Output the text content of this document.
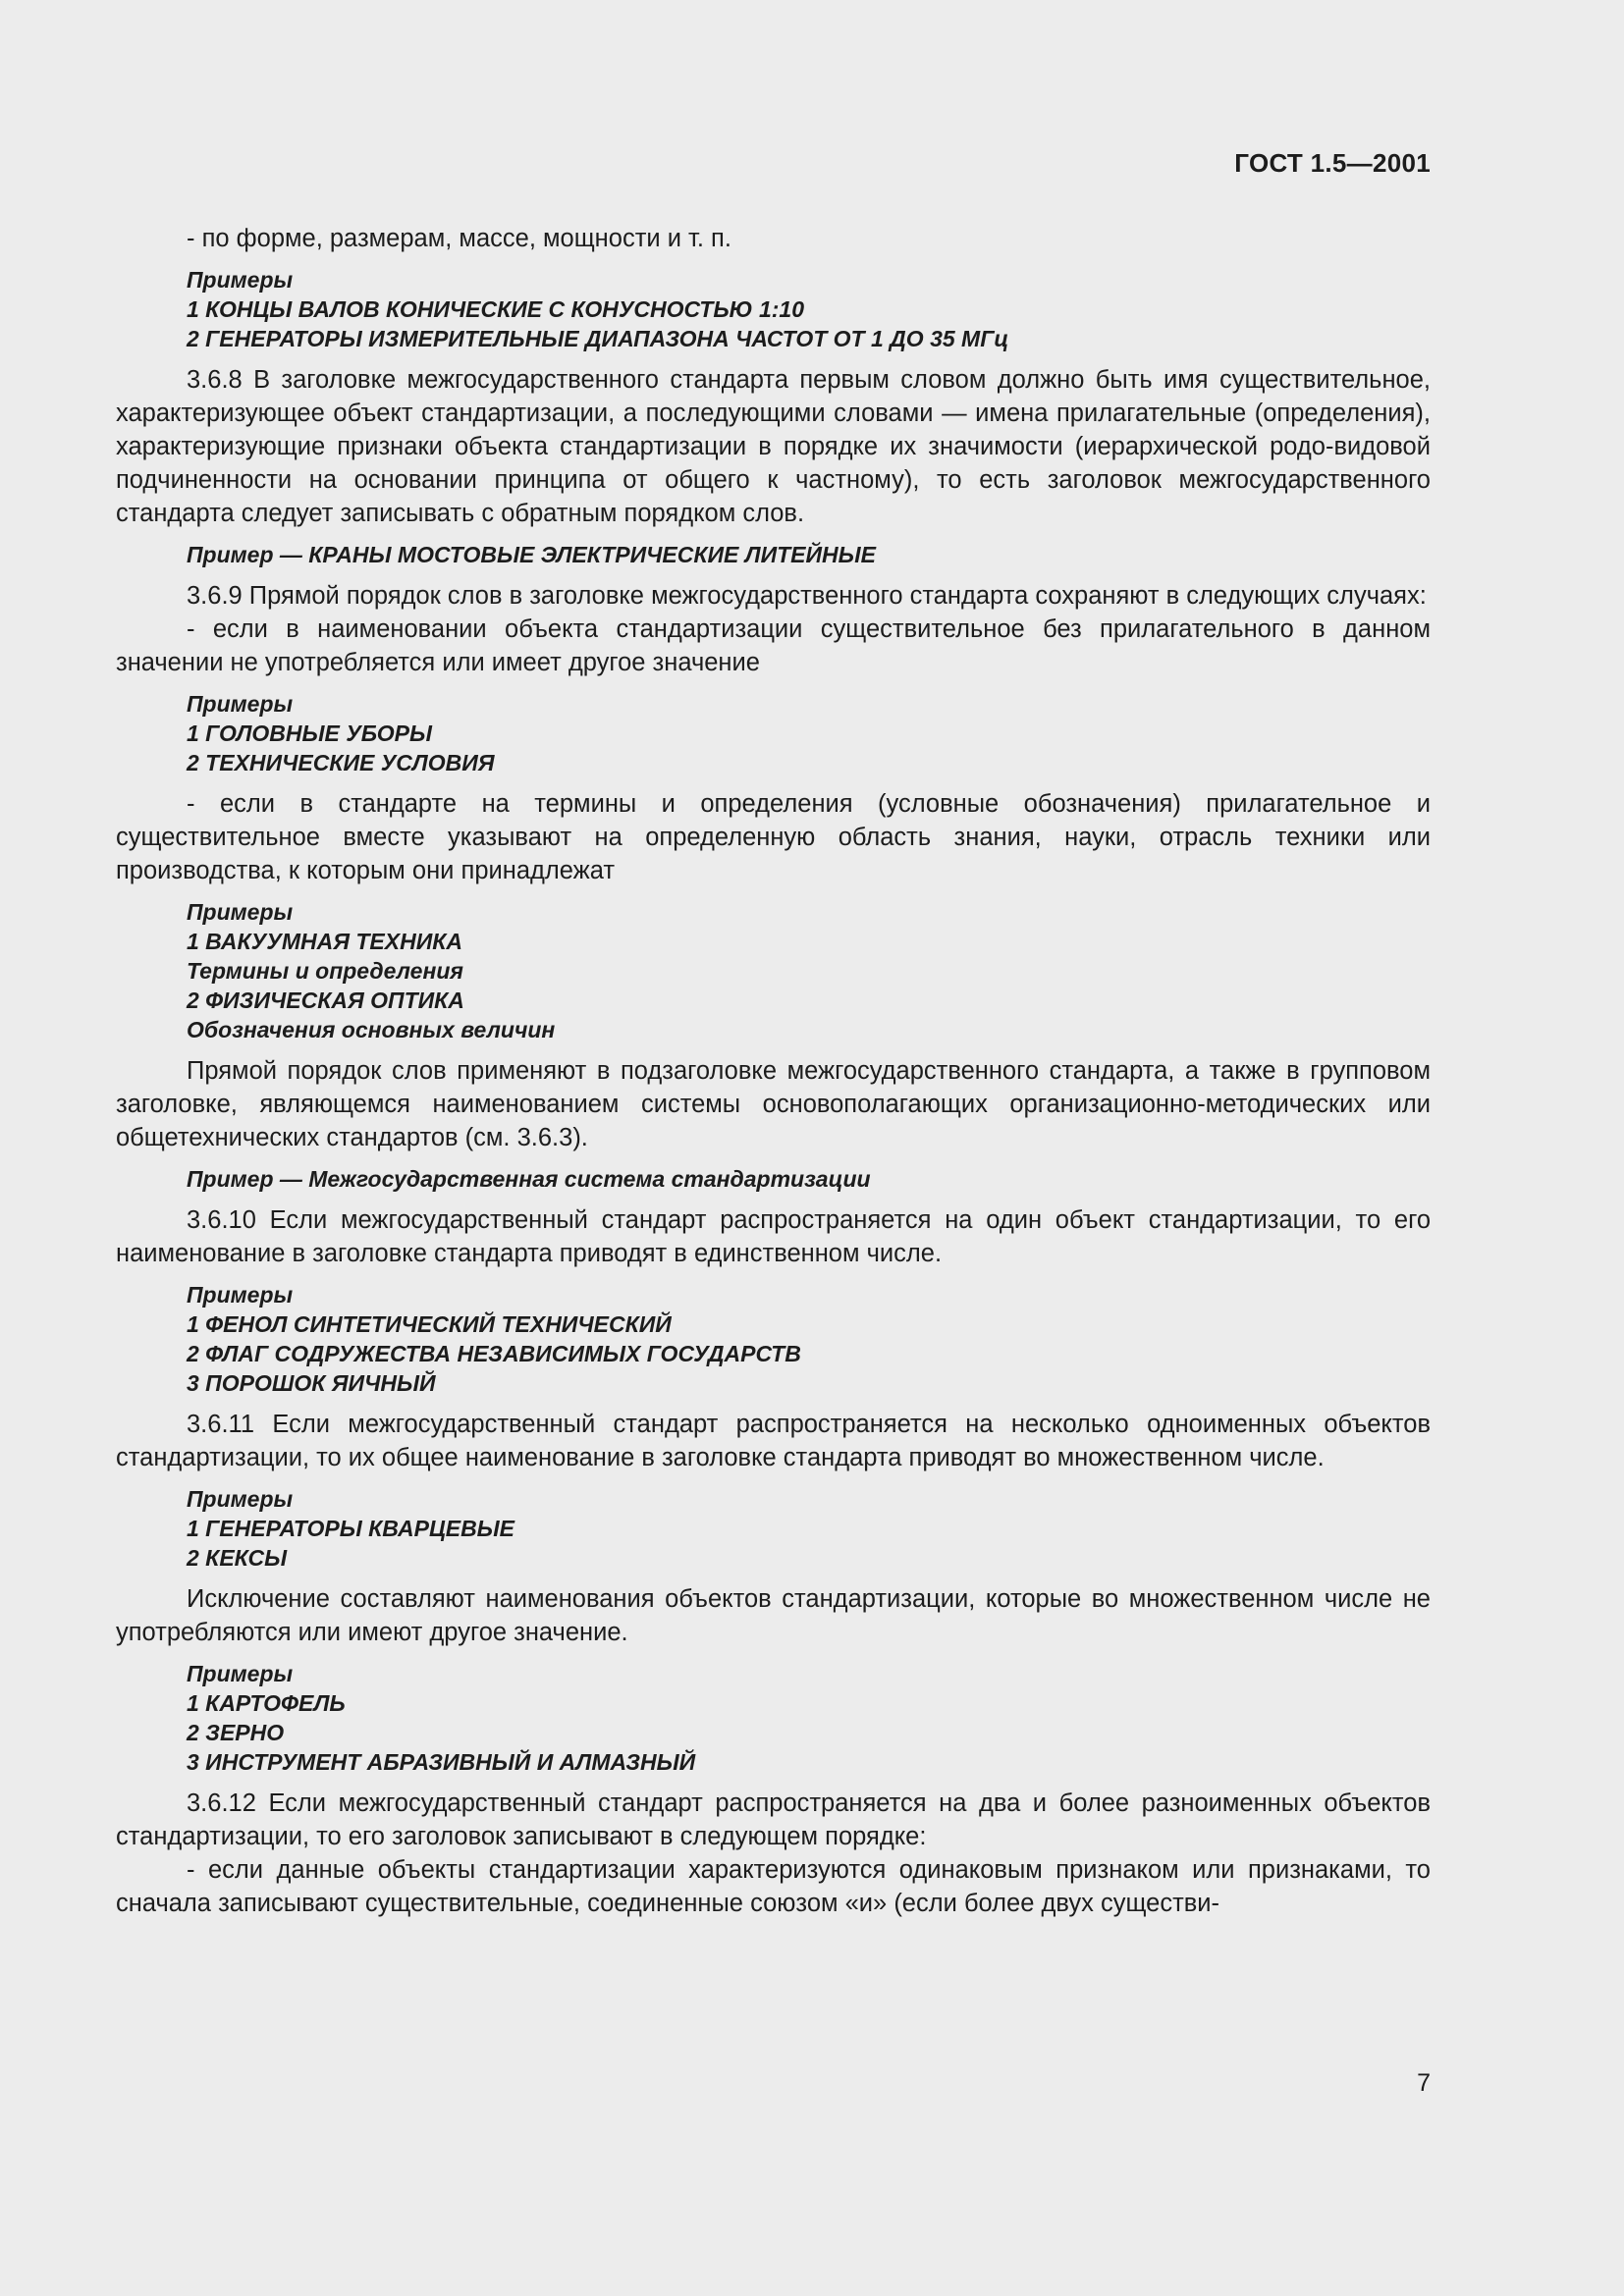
ГОСТ 1.5—2001

- по форме, размерам, массе, мощности и т. п.

Примеры
1 КОНЦЫ ВАЛОВ КОНИЧЕСКИЕ С КОНУСНОСТЬЮ 1:10
2 ГЕНЕРАТОРЫ ИЗМЕРИТЕЛЬНЫЕ ДИАПАЗОНА ЧАСТОТ ОТ 1 ДО 35 МГц

3.6.8 В заголовке межгосударственного стандарта первым словом должно быть имя существительное, характеризующее объект стандартизации, а последующими словами — имена прилагательные (определения), характеризующие признаки объекта стандартизации в порядке их значимости (иерархической родо-видовой подчиненности на основании принципа от общего к частному), то есть заголовок межгосударственного стандарта следует записывать с обратным порядком слов.

Пример — КРАНЫ МОСТОВЫЕ ЭЛЕКТРИЧЕСКИЕ ЛИТЕЙНЫЕ

3.6.9 Прямой порядок слов в заголовке межгосударственного стандарта сохраняют в следующих случаях:

- если в наименовании объекта стандартизации существительное без прилагательного в данном значении не употребляется или имеет другое значение

Примеры
1 ГОЛОВНЫЕ УБОРЫ
2 ТЕХНИЧЕСКИЕ УСЛОВИЯ

- если в стандарте на термины и определения (условные обозначения) прилагательное и существительное вместе указывают на определенную область знания, науки, отрасль техники или производства, к которым они принадлежат

Примеры
1 ВАКУУМНАЯ ТЕХНИКА
Термины и определения
2 ФИЗИЧЕСКАЯ ОПТИКА
Обозначения основных величин

Прямой порядок слов применяют в подзаголовке межгосударственного стандарта, а также в групповом заголовке, являющемся наименованием системы основополагающих организационно-методических или общетехнических стандартов (см. 3.6.3).

Пример — Межгосударственная система стандартизации

3.6.10 Если межгосударственный стандарт распространяется на один объект стандартизации, то его наименование в заголовке стандарта приводят в единственном числе.

Примеры
1 ФЕНОЛ СИНТЕТИЧЕСКИЙ ТЕХНИЧЕСКИЙ
2 ФЛАГ СОДРУЖЕСТВА НЕЗАВИСИМЫХ ГОСУДАРСТВ
3 ПОРОШОК ЯИЧНЫЙ

3.6.11 Если межгосударственный стандарт распространяется на несколько одноименных объектов стандартизации, то их общее наименование в заголовке стандарта приводят во множественном числе.

Примеры
1 ГЕНЕРАТОРЫ КВАРЦЕВЫЕ
2 КЕКСЫ

Исключение составляют наименования объектов стандартизации, которые во множественном числе не употребляются или имеют другое значение.

Примеры
1 КАРТОФЕЛЬ
2 ЗЕРНО
3 ИНСТРУМЕНТ АБРАЗИВНЫЙ И АЛМАЗНЫЙ

3.6.12 Если межгосударственный стандарт распространяется на два и более разноименных объектов стандартизации, то его заголовок записывают в следующем порядке:

- если данные объекты стандартизации характеризуются одинаковым признаком или признаками, то сначала записывают существительные, соединенные союзом «и» (если более двух существи-

7
